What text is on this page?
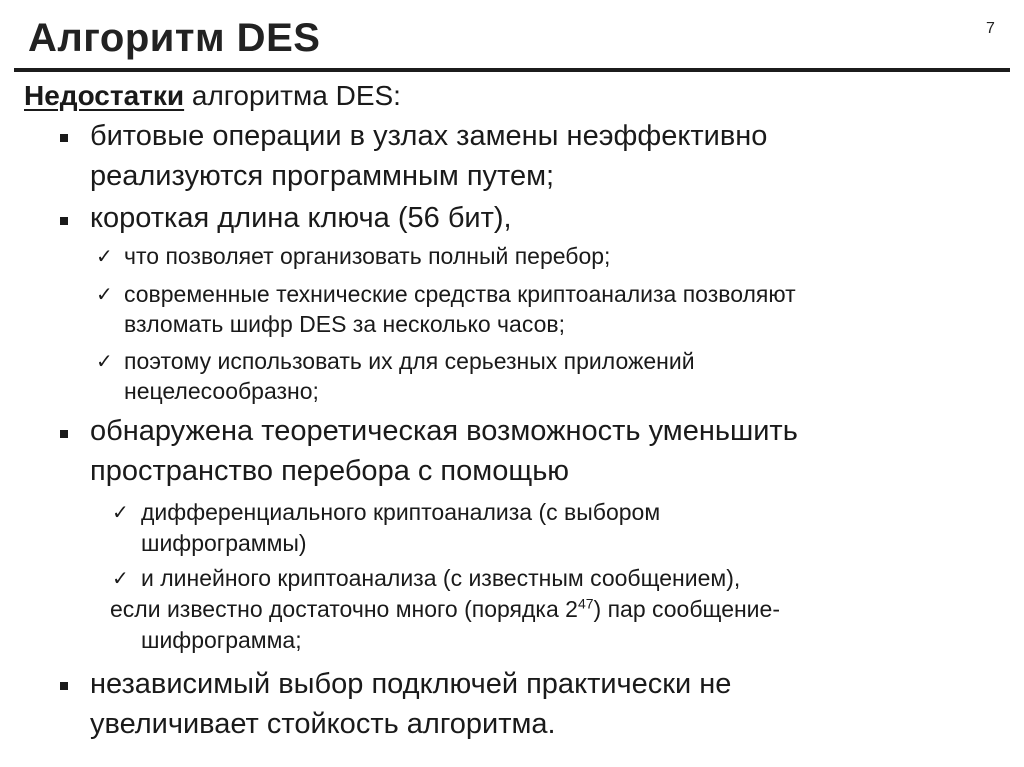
Алгоритм DES	7
Недостатки алгоритма DES:
битовые операции в узлах замены неэффективно
реализуются программным путем;
короткая длина ключа (56 бит),
✓ что позволяет организовать полный перебор;
✓ современные технические средства криптоанализа позволяют
взломать шифр DES за несколько часов;
✓ поэтому использовать их для серьезных приложений
нецелесообразно;
обнаружена теоретическая возможность уменьшить
пространство перебора с помощью
✓ дифференциального криптоанализа (с выбором
шифрограммы)
✓ и линейного криптоанализа (с известным сообщением),
если известно достаточно много (порядка $2^{47}$) пар сообщение-
шифрограмма;
независимый выбор подключей практически не
увеличивает стойкость алгоритма.
